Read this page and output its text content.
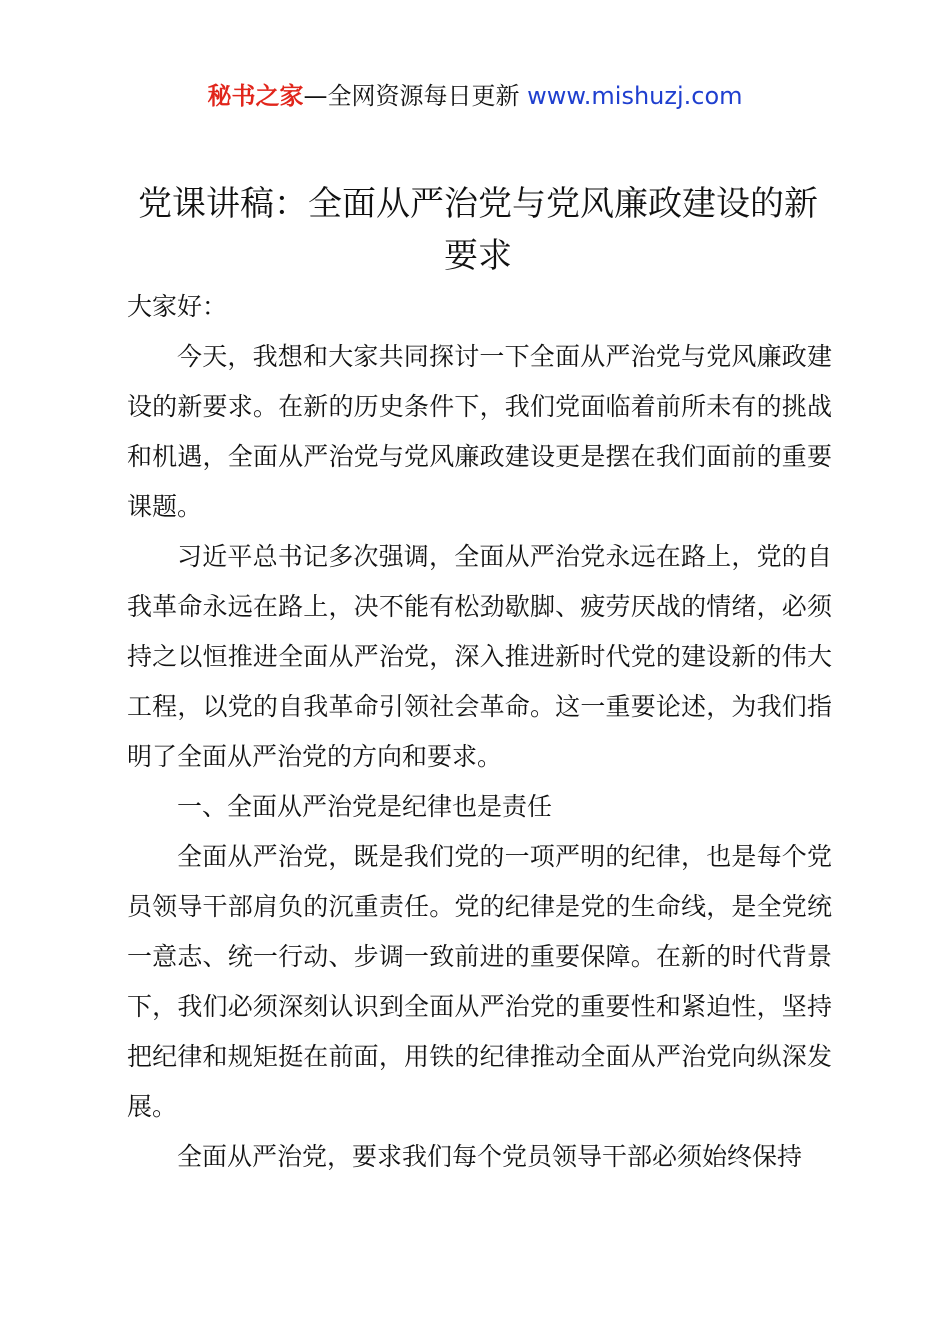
秘书之家—全网资源每日更新 www.mishuzj.com
党课讲稿：全面从严治党与党风廉政建设的新要求

大家好：

今天，我想和大家共同探讨一下全面从严治党与党风廉政建设的新要求。在新的历史条件下，我们党面临着前所未有的挑战和机遇，全面从严治党与党风廉政建设更是摆在我们面前的重要课题。

习近平总书记多次强调，全面从严治党永远在路上，党的自我革命永远在路上，决不能有松劲歇脚、疲劳厌战的情绪，必须持之以恒推进全面从严治党，深入推进新时代党的建设新的伟大工程，以党的自我革命引领社会革命。这一重要论述，为我们指明了全面从严治党的方向和要求。

一、全面从严治党是纪律也是责任

全面从严治党，既是我们党的一项严明的纪律，也是每个党员领导干部肩负的沉重责任。党的纪律是党的生命线，是全党统一意志、统一行动、步调一致前进的重要保障。在新的时代背景下，我们必须深刻认识到全面从严治党的重要性和紧迫性，坚持把纪律和规矩挺在前面，用铁的纪律推动全面从严治党向纵深发展。

全面从严治党，要求我们每个党员领导干部必须始终保持
